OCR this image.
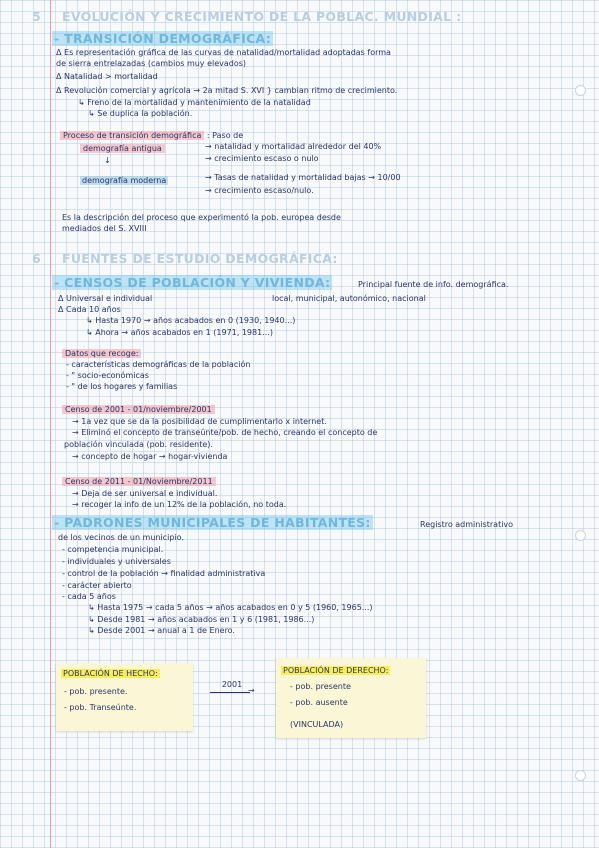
5 EVOLUCIÓN Y CRECIMIENTO DE LA POBLAC. MUNDIAL :
- TRANSICIÓN DEMOGRÁFICA:
Δ Es representación gráfica de las curvas de natalidad/mortalidad adoptadas forma
de sierra entrelazadas (cambios muy elevados)
Δ Natalidad > mortalidad
Δ Revolución comercial y agrícola → 2a mitad S. XVI } cambian ritmo de crecimiento.
↳ Freno de la mortalidad y mantenimiento de la natalidad
↳ Se duplica la población.
Proceso de transición demográfica : Paso de
demografía antigua	→ natalidad y mortalidad alrededor del 40%
→ crecimiento escaso o nulo
↓
demografía moderna	→ Tasas de natalidad y mortalidad bajas → 10/00
→ crecimiento escaso/nulo.
Es la descripción del proceso que experimentó la pob. europea desde
mediados del S. XVIII
6 FUENTES DE ESTUDIO DEMOGRÁFICA:
- CENSOS DE POBLACIÓN Y VIVIENDA:	Principal fuente de info. demográfica.
Δ Universal e individual	local, municipal, autonómico, nacional
Δ Cada 10 años
↳ Hasta 1970 → años acabados en 0 (1930, 1940...)
↳ Ahora → años acabados en 1 (1971, 1981...)
Datos que recoge:
- características demográficas de la población
- " socio-económicas
- " de los hogares y familias
Censo de 2001 - 01/noviembre/2001
→ 1a vez que se da la posibilidad de cumplimentarlo x internet.
→ Eliminó el concepto de transeúnte/pob. de hecho, creando el concepto de
población vinculada (pob. residente).
→ concepto de hogar → hogar-vivienda
Censo de 2011 - 01/Noviembre/2011
→ Deja de ser universal e individual.
→ recoger la info de un 12% de la población, no toda.
- PADRONES MUNICIPALES DE HABITANTES:	Registro administrativo
de los vecinos de un municipio.
- competencia municipal.
- individuales y universales
- control de la población → finalidad administrativa
- carácter abierto
- cada 5 años
↳ Hasta 1975 → cada 5 años → años acabados en 0 y 5 (1960, 1965...)
↳ Desde 1981 → años acabados en 1 y 6 (1981, 1986...)
↳ Desde 2001 → anual a 1 de Enero.
POBLACIÓN DE HECHO:
- pob. presente.
- pob. Transeúnte.
2001
→
POBLACIÓN DE DERECHO:
- pob. presente
- pob. ausente
(VINCULADA)
